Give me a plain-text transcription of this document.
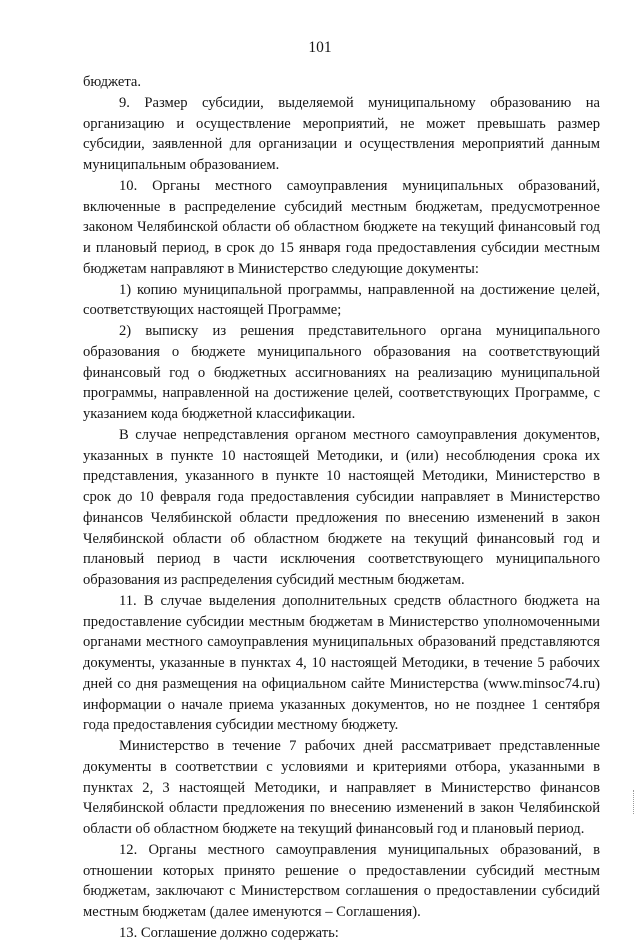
101

бюджета.

9. Размер субсидии, выделяемой муниципальному образованию на организацию и осуществление мероприятий, не может превышать размер субсидии, заявленной для организации и осуществления мероприятий данным муниципальным образованием.

10. Органы местного самоуправления муниципальных образований, включенные в распределение субсидий местным бюджетам, предусмотренное законом Челябинской области об областном бюджете на текущий финансовый год и плановый период, в срок до 15 января года предоставления субсидии местным бюджетам направляют в Министерство следующие документы:

1) копию муниципальной программы, направленной на достижение целей, соответствующих настоящей Программе;

2) выписку из решения представительного органа муниципального образования о бюджете муниципального образования на соответствующий финансовый год о бюджетных ассигнованиях на реализацию муниципальной программы, направленной на достижение целей, соответствующих Программе, с указанием кода бюджетной классификации.

В случае непредставления органом местного самоуправления документов, указанных в пункте 10 настоящей Методики, и (или) несоблюдения срока их представления, указанного в пункте 10 настоящей Методики, Министерство в срок до 10 февраля года предоставления субсидии направляет в Министерство финансов Челябинской области предложения по внесению изменений в закон Челябинской области об областном бюджете на текущий финансовый год и плановый период в части исключения соответствующего муниципального образования из распределения субсидий местным бюджетам.

11. В случае выделения дополнительных средств областного бюджета на предоставление субсидии местным бюджетам в Министерство уполномоченными органами местного самоуправления муниципальных образований представляются документы, указанные в пунктах 4, 10 настоящей Методики, в течение 5 рабочих дней со дня размещения на официальном сайте Министерства (www.minsoc74.ru) информации о начале приема указанных документов, но не позднее 1 сентября года предоставления субсидии местному бюджету.

Министерство в течение 7 рабочих дней рассматривает представленные документы в соответствии с условиями и критериями отбора, указанными в пунктах 2, 3 настоящей Методики, и направляет в Министерство финансов Челябинской области предложения по внесению изменений в закон Челябинской области об областном бюджете на текущий финансовый год и плановый период.

12. Органы местного самоуправления муниципальных образований, в отношении которых принято решение о предоставлении субсидий местным бюджетам, заключают с Министерством соглашения о предоставлении субсидий местным бюджетам (далее именуются – Соглашения).

13. Соглашение должно содержать:
